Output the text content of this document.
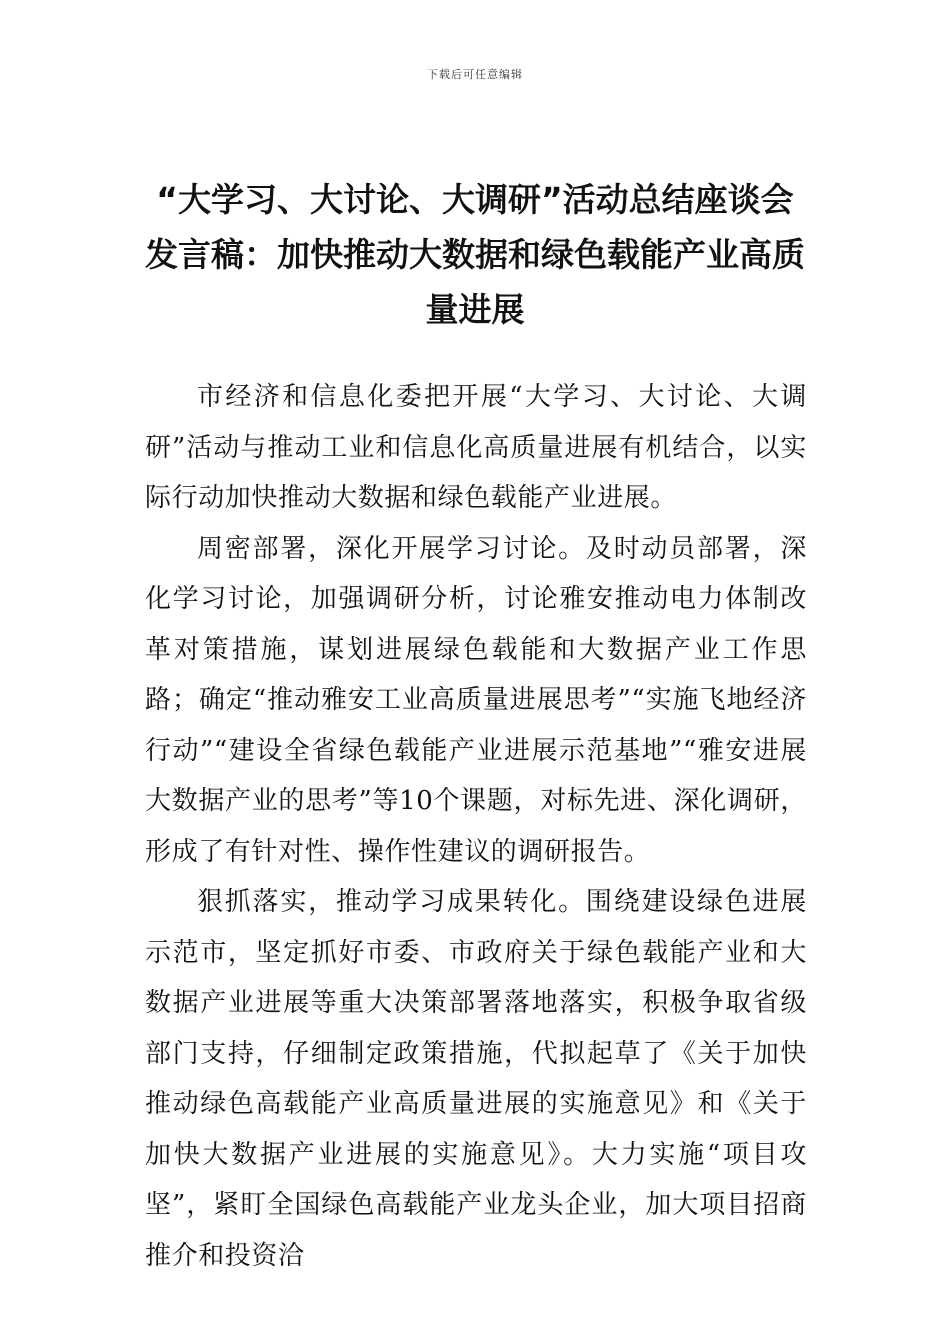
下载后可任意编辑
“大学习、大讨论、大调研”活动总结座谈会发言稿：加快推动大数据和绿色载能产业高质量进展

市经济和信息化委把开展“大学习、大讨论、大调研”活动与推动工业和信息化高质量进展有机结合，以实际行动加快推动大数据和绿色载能产业进展。

周密部署，深化开展学习讨论。及时动员部署，深化学习讨论，加强调研分析，讨论雅安推动电力体制改革对策措施，谋划进展绿色载能和大数据产业工作思路；确定“推动雅安工业高质量进展思考”“实施飞地经济行动”“建设全省绿色载能产业进展示范基地”“雅安进展大数据产业的思考”等10个课题，对标先进、深化调研，形成了有针对性、操作性建议的调研报告。

狠抓落实，推动学习成果转化。围绕建设绿色进展示范市，坚定抓好市委、市政府关于绿色载能产业和大数据产业进展等重大决策部署落地落实，积极争取省级部门支持，仔细制定政策措施，代拟起草了《关于加快推动绿色高载能产业高质量进展的实施意见》和《关于加快大数据产业进展的实施意见》。大力实施“项目攻坚”，紧盯全国绿色高载能产业龙头企业，加大项目招商推介和投资洽
